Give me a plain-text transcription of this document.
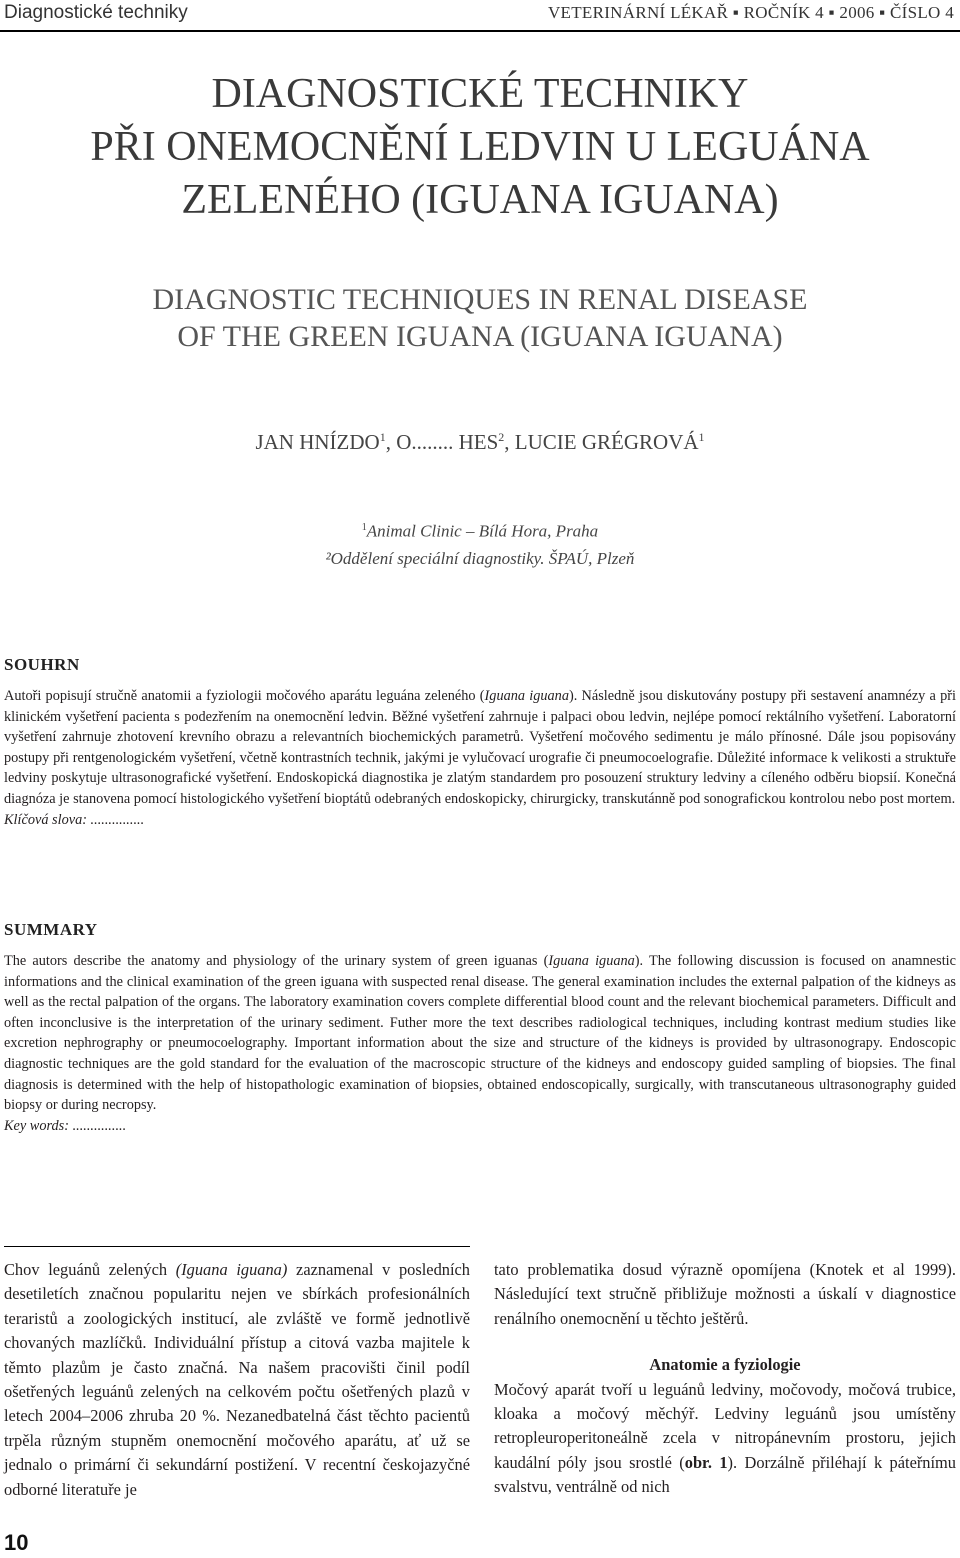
Diagnostické techniky	VETERINÁRNÍ LÉKAŘ ▪ ROČNÍK 4 ▪ 2006 ▪ ČÍSLO 4
DIAGNOSTICKÉ TECHNIKY
PŘI ONEMOCNĚNÍ LEDVIN U LEGUÁNA
ZELENÉHO (IGUANA IGUANA)
DIAGNOSTIC TECHNIQUES IN RENAL DISEASE
OF THE GREEN IGUANA (IGUANA IGUANA)
JAN HNÍZDO$^1$, O........ HES$^2$, LUCIE GRÉGROVÁ$^1$
$^1$Animal Clinic – Bílá Hora, Praha
²Oddělení speciální diagnostiky. ŠPAÚ, Plzeň
SOUHRN
Autoři popisují stručně anatomii a fyziologii močového aparátu leguána zeleného (Iguana iguana). Následně jsou diskutovány postupy při sestavení anamnézy a při klinickém vyšetření pacienta s podezřením na onemocnění ledvin. Běžné vyšetření zahrnuje i palpaci obou ledvin, nejlépe pomocí rektálního vyšetření. Laboratorní vyšetření zahrnuje zhotovení krevního obrazu a relevantních biochemických parametrů. Vyšetření močového sedimentu je málo přínosné. Dále jsou popisovány postupy při rentgenologickém vyšetření, včetně kontrastních technik, jakými je vylučovací urografie či pneumocoelografie. Důležité informace k velikosti a struktuře ledviny poskytuje ultrasonografické vyšetření. Endoskopická diagnostika je zlatým standardem pro posouzení struktury ledviny a cíleného odběru biopsií. Konečná diagnóza je stanovena pomocí histologického vyšetření bioptátů odebraných endoskopicky, chirurgicky, transkutánně pod sonografickou kontrolou nebo post mortem.
Klíčová slova: ...............
SUMMARY
The autors describe the anatomy and physiology of the urinary system of green iguanas (Iguana iguana). The following discussion is focused on anamnestic informations and the clinical examination of the green iguana with suspected renal disease. The general examination includes the external palpation of the kidneys as well as the rectal palpation of the organs. The laboratory examination covers complete differential blood count and the relevant biochemical parameters. Difficult and often inconclusive is the interpretation of the urinary sediment. Futher more the text describes radiological techniques, including kontrast medium studies like excretion nephrography or pneumocoelography. Important information about the size and structure of the kidneys is provided by ultrasonograpy. Endoscopic diagnostic techniques are the gold standard for the evaluation of the macroscopic structure of the kidneys and endoscopy guided sampling of biopsies. The final diagnosis is determined with the help of histopathologic examination of biopsies, obtained endoscopically, surgically, with transcutaneous ultrasonography guided biopsy or during necropsy.
Key words: ...............
Chov leguánů zelených (Iguana iguana) zaznamenal v posledních desetiletích značnou popularitu nejen ve sbírkách profesionálních teraristů a zoologických institucí, ale zvláště ve formě jednotlivě chovaných mazlíčků. Individuální přístup a citová vazba majitele k těmto plazům je často značná. Na našem pracovišti činil podíl ošetřených leguánů zelených na celkovém počtu ošetřených plazů v letech 2004–2006 zhruba 20 %. Nezanedbatelná část těchto pacientů trpěla různým stupněm onemocnění močového aparátu, ať už se jednalo o primární či sekundární postižení. V recentní českojazyčné odborné literatuře je
tato problematika dosud výrazně opomíjena (Knotek et al 1999). Následující text stručně přibližuje možnosti a úskalí v diagnostice renálního onemocnění u těchto ještěrů.
Anatomie a fyziologie
Močový aparát tvoří u leguánů ledviny, močovody, močová trubice, kloaka a močový měchýř. Ledviny leguánů jsou umístěny retropleuroperitoneálně zcela v nitropánevním prostoru, jejich kaudální póly jsou srostlé (obr. 1). Dorzálně přiléhají k páteřnímu svalstvu, ventrálně od nich
10
